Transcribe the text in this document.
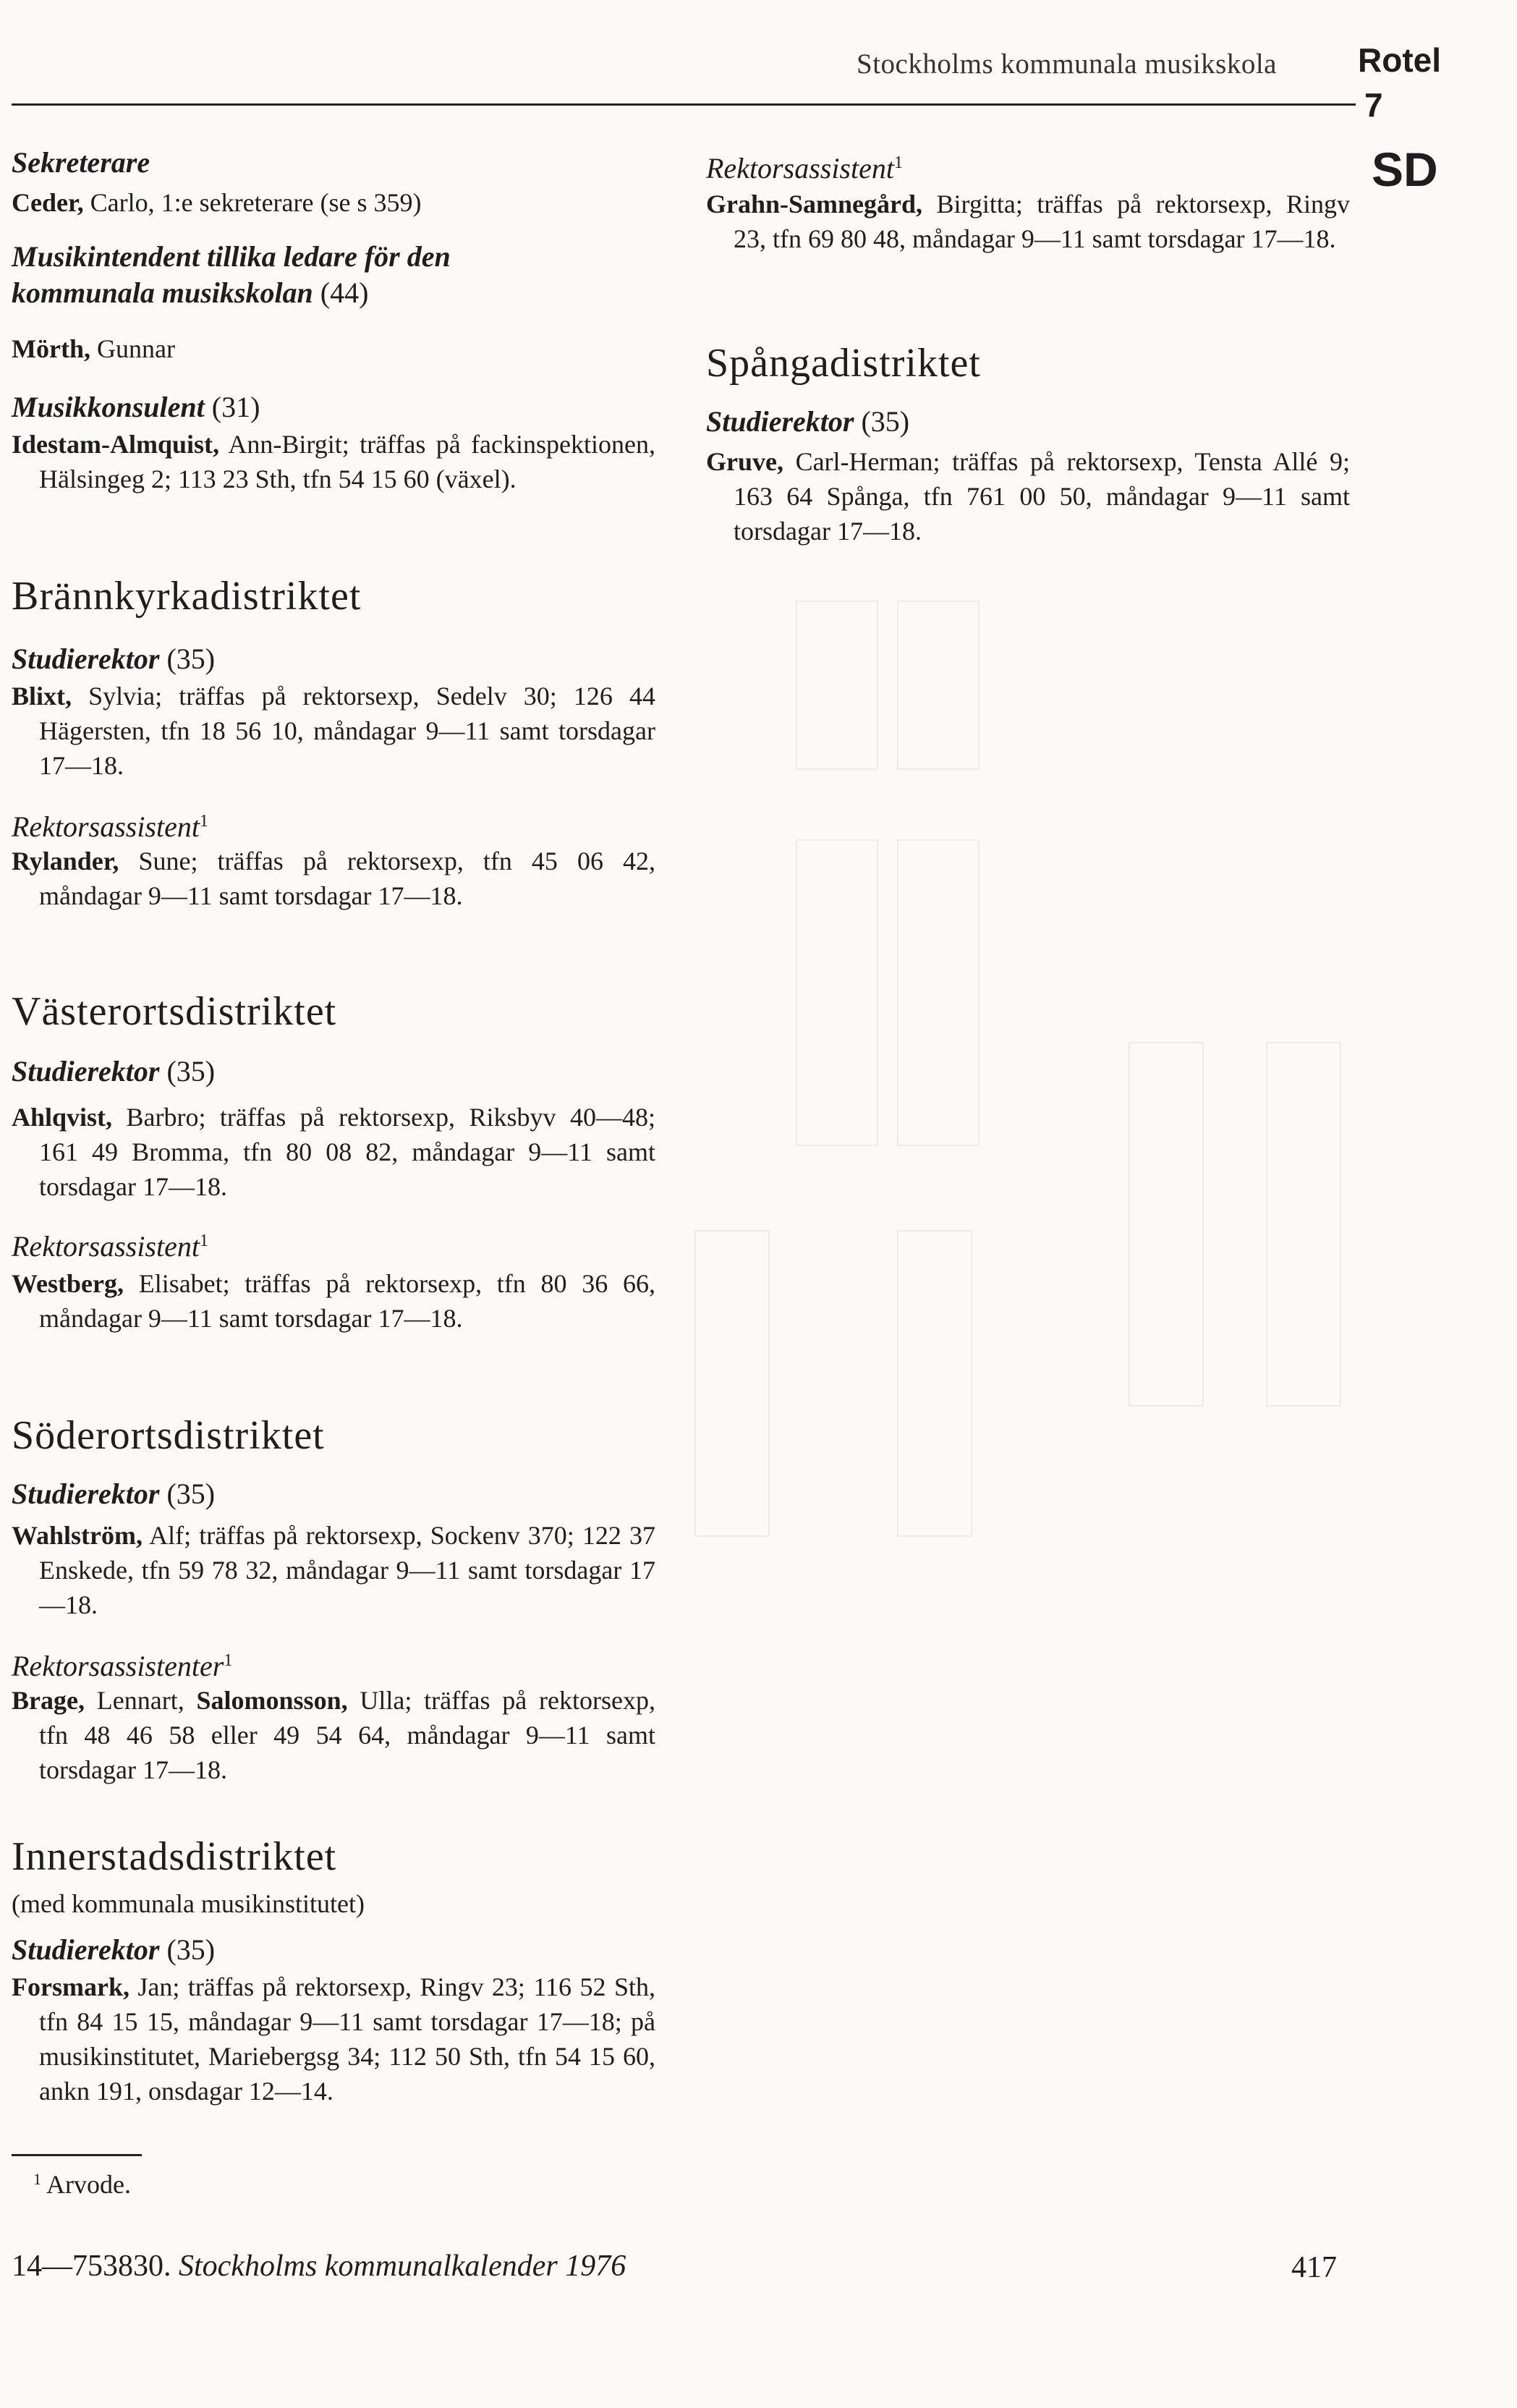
Stockholms kommunala musikskola Rotel
7
SD
Sekreterare

Ceder, Carlo, 1:e sekreterare (se s 359)

Musikintendent tillika ledare för den kommunala musikskolan (44)

Mörth, Gunnar

Musikkonsulent (31)

Idestam-Almquist, Ann-Birgit; träffas på fackinspektionen, Hälsingeg 2; 113 23 Sth, tfn 54 15 60 (växel).

Brännkyrkadistriktet
Studierektor (35)

Blixt, Sylvia; träffas på rektorsexp, Sedelv 30; 126 44 Hägersten, tfn 18 56 10, måndagar 9—11 samt torsdagar 17—18.

Rektorsassistent$^1$

Rylander, Sune; träffas på rektorsexp, tfn 45 06 42, måndagar 9—11 samt torsdagar 17—18.

Västerortsdistriktet
Studierektor (35)

Ahlqvist, Barbro; träffas på rektorsexp, Riksbyv 40—48; 161 49 Bromma, tfn 80 08 82, måndagar 9—11 samt torsdagar 17—18.

Rektorsassistent$^1$

Westberg, Elisabet; träffas på rektorsexp, tfn 80 36 66, måndagar 9—11 samt torsdagar 17—18.

Söderortsdistriktet
Studierektor (35)

Wahlström, Alf; träffas på rektorsexp, Sockenv 370; 122 37 Enskede, tfn 59 78 32, måndagar 9—11 samt torsdagar 17—18.

Rektorsassistenter$^1$

Brage, Lennart, Salomonsson, Ulla; träffas på rektorsexp, tfn 48 46 58 eller 49 54 64, måndagar 9—11 samt torsdagar 17—18.

Innerstadsdistriktet
(med kommunala musikinstitutet)
Studierektor (35)

Forsmark, Jan; träffas på rektorsexp, Ringv 23; 116 52 Sth, tfn 84 15 15, måndagar 9—11 samt torsdagar 17—18; på musikinstitutet, Mariebergsg 34; 112 50 Sth, tfn 54 15 60, ankn 191, onsdagar 12—14.

Rektorsassistent$^1$

Grahn-Samnegård, Birgitta; träffas på rektorsexp, Ringv 23, tfn 69 80 48, måndagar 9—11 samt torsdagar 17—18.

Spångadistriktet
Studierektor (35)

Gruve, Carl-Herman; träffas på rektorsexp, Tensta Allé 9; 163 64 Spånga, tfn 761 00 50, måndagar 9—11 samt torsdagar 17—18.

$^1$ Arvode.
14—753830. Stockholms kommunalkalender 1976	417
